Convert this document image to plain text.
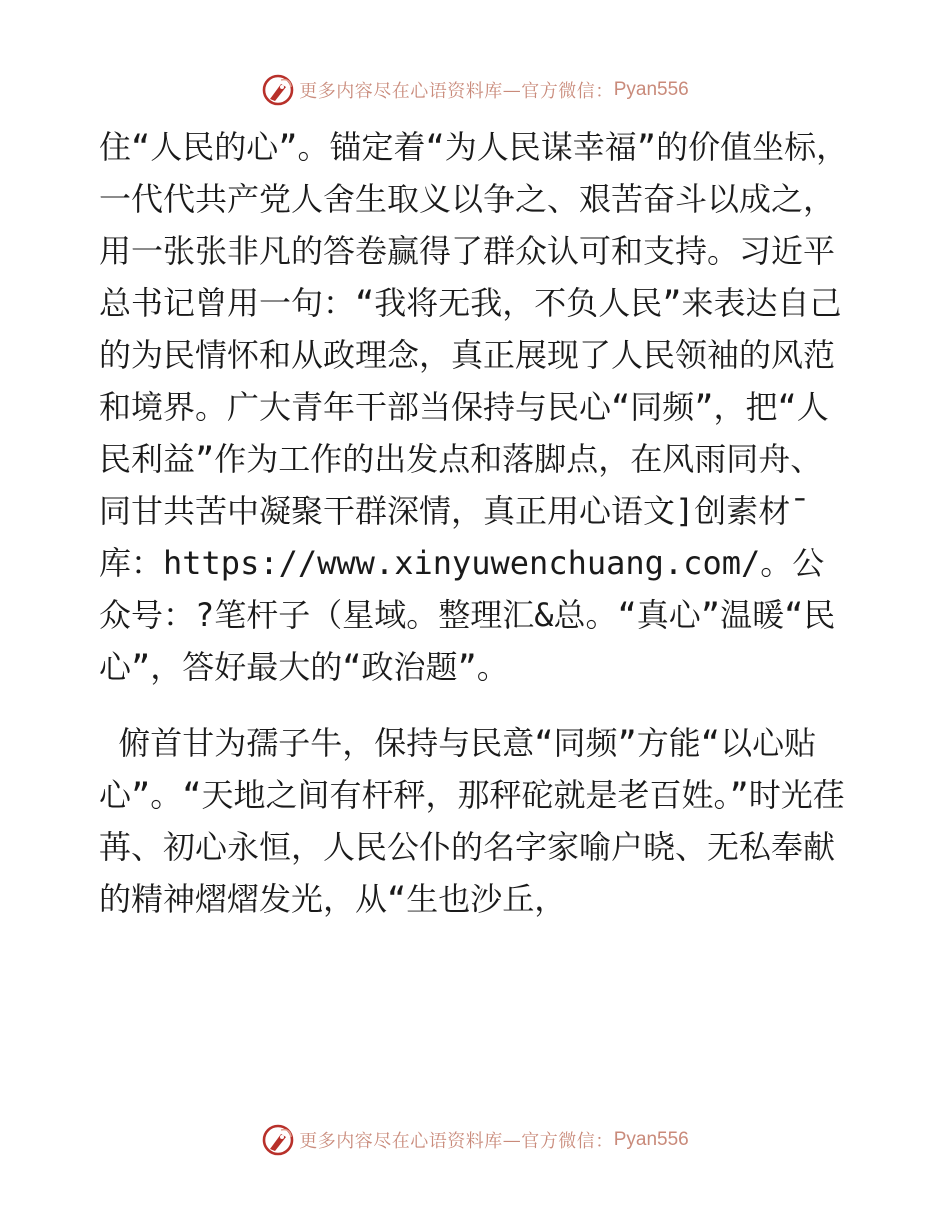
更多内容尽在心语资料库 — 官方微信： Pyan556

住“人民的心”。锚定着“为人民谋幸福”的价值坐标，一代代共产党人舍生取义以争之、艰苦奋斗以成之，用一张张非凡的答卷赢得了群众认可和支持。习近平总书记曾用一句：“我将无我，不负人民”来表达自己的为民情怀和从政理念，真正展现了人民领袖的风范和境界。广大青年干部当保持与民心“同频”，把“人民利益”作为工作的出发点和落脚点，在风雨同舟、同甘共苦中凝聚干群深情，真正用心语文]创素材¯库：https://www.xinyuwenchuang.com/。公众号：?笔杆子（星域。整理汇&总。“真心”温暖“民心”，答好最大的“政治题”。

俯首甘为孺子牛，保持与民意“同频”方能“以心贴心”。“天地之间有杆秤，那秤砣就是老百姓。”时光荏苒、初心永恒，人民公仆的名字家喻户晓、无私奉献的精神熠熠发光，从“生也沙丘，

更多内容尽在心语资料库 — 官方微信： Pyan556
